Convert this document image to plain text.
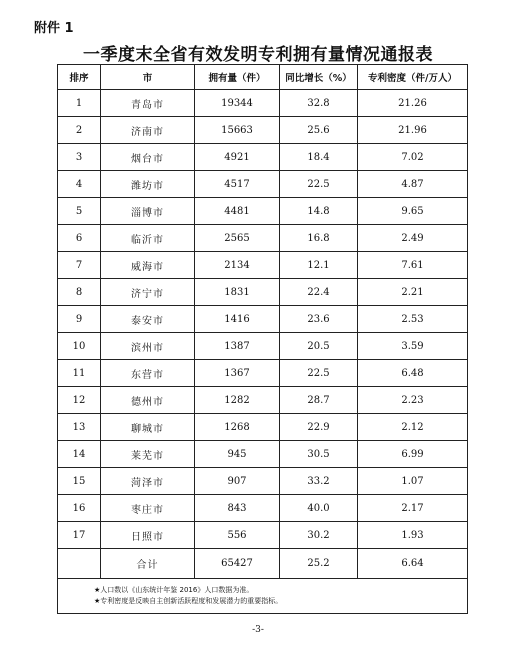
附件 1
一季度末全省有效发明专利拥有量情况通报表
排序	市	拥有量（件）	同比增长（%）	专利密度（件/万人）
1	青岛市	19344	32.8	21.26
2	济南市	15663	25.6	21.96
3	烟台市	4921	18.4	7.02
4	潍坊市	4517	22.5	4.87
5	淄博市	4481	14.8	9.65
6	临沂市	2565	16.8	2.49
7	威海市	2134	12.1	7.61
8	济宁市	1831	22.4	2.21
9	泰安市	1416	23.6	2.53
10	滨州市	1387	20.5	3.59
11	东营市	1367	22.5	6.48
12	德州市	1282	28.7	2.23
13	聊城市	1268	22.9	2.12
14	莱芜市	945	30.5	6.99
15	菏泽市	907	33.2	1.07
16	枣庄市	843	40.0	2.17
17	日照市	556	30.2	1.93
	合计	65427	25.2	6.64

★人口数以《山东统计年鉴 2016》人口数据为准。
★专利密度是反映自主创新活跃程度和发展潜力的重要指标。				
-3-
